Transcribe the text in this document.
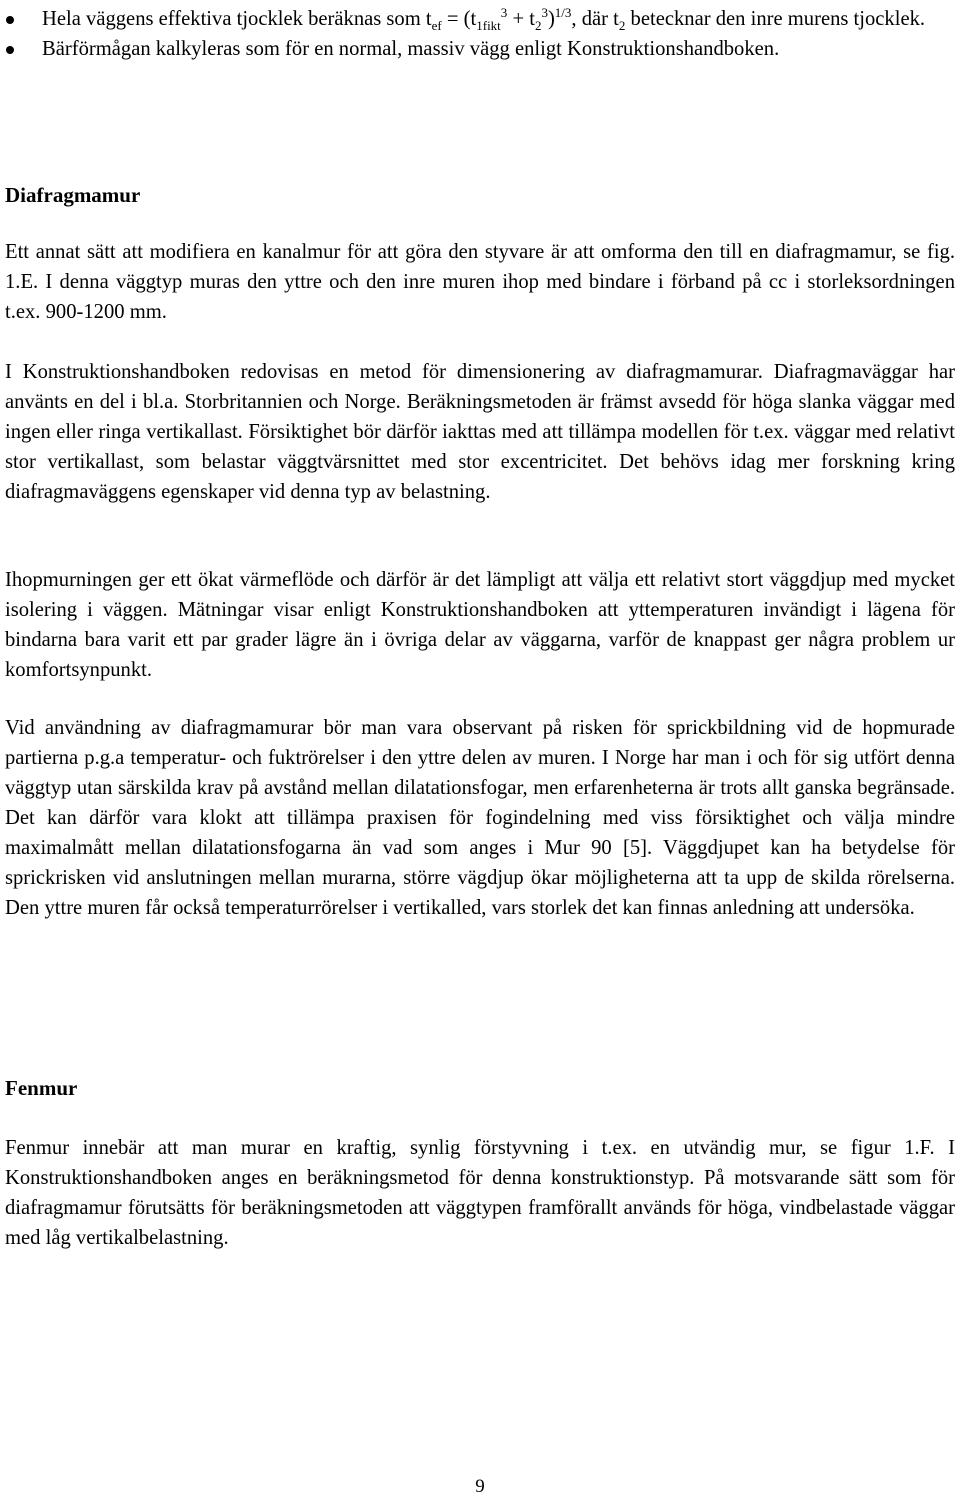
Hela väggens effektiva tjocklek beräknas som $t_{ef} = (t_{1fikt}^3 + t_2^3)^{1/3}$, där $t_2$ betecknar den inre murens tjocklek.
Bärförmågan kalkyleras som för en normal, massiv vägg enligt Konstruktionshandboken.
Diafragmamur
Ett annat sätt att modifiera en kanalmur för att göra den styvare är att omforma den till en diafragmamur, se fig. 1.E. I denna väggtyp muras den yttre och den inre muren ihop med bindare i förband på cc i storleksordningen t.ex. 900-1200 mm.
I Konstruktionshandboken redovisas en metod för dimensionering av diafragmamurar. Diafragmaväggar har använts en del i bl.a. Storbritannien och Norge. Beräkningsmetoden är främst avsedd för höga slanka väggar med ingen eller ringa vertikallast. Försiktighet bör därför iakttas med att tillämpa modellen för t.ex. väggar med relativt stor vertikallast, som belastar väggtvärsnittet med stor excentricitet. Det behövs idag mer forskning kring diafragmaväggens egenskaper vid denna typ av belastning.
Ihopmurningen ger ett ökat värmeflöde och därför är det lämpligt att välja ett relativt stort väggdjup med mycket isolering i väggen. Mätningar visar enligt Konstruktionshandboken att yttemperaturen invändigt i lägena för bindarna bara varit ett par grader lägre än i övriga delar av väggarna, varför de knappast ger några problem ur komfortsynpunkt.
Vid användning av diafragmamurar bör man vara observant på risken för sprickbildning vid de hopmurade partierna p.g.a temperatur- och fuktrörelser i den yttre delen av muren. I Norge har man i och för sig utfört denna väggtyp utan särskilda krav på avstånd mellan dilatationsfogar, men erfarenheterna är trots allt ganska begränsade. Det kan därför vara klokt att tillämpa praxisen för fogindelning med viss försiktighet och välja mindre maximalmått mellan dilatationsfogarna än vad som anges i Mur 90 [5]. Väggdjupet kan ha betydelse för sprickrisken vid anslutningen mellan murarna, större vägdjup ökar möjligheterna att ta upp de skilda rörelserna. Den yttre muren får också temperaturrörelser i vertikalled, vars storlek det kan finnas anledning att undersöka.
Fenmur
Fenmur innebär att man murar en kraftig, synlig förstyvning i t.ex. en utvändig mur, se figur 1.F. I Konstruktionshandboken anges en beräkningsmetod för denna konstruktionstyp. På motsvarande sätt som för diafragmamur förutsätts för beräkningsmetoden att väggtypen framförallt används för höga, vindbelastade väggar med låg vertikalbelastning.
9
